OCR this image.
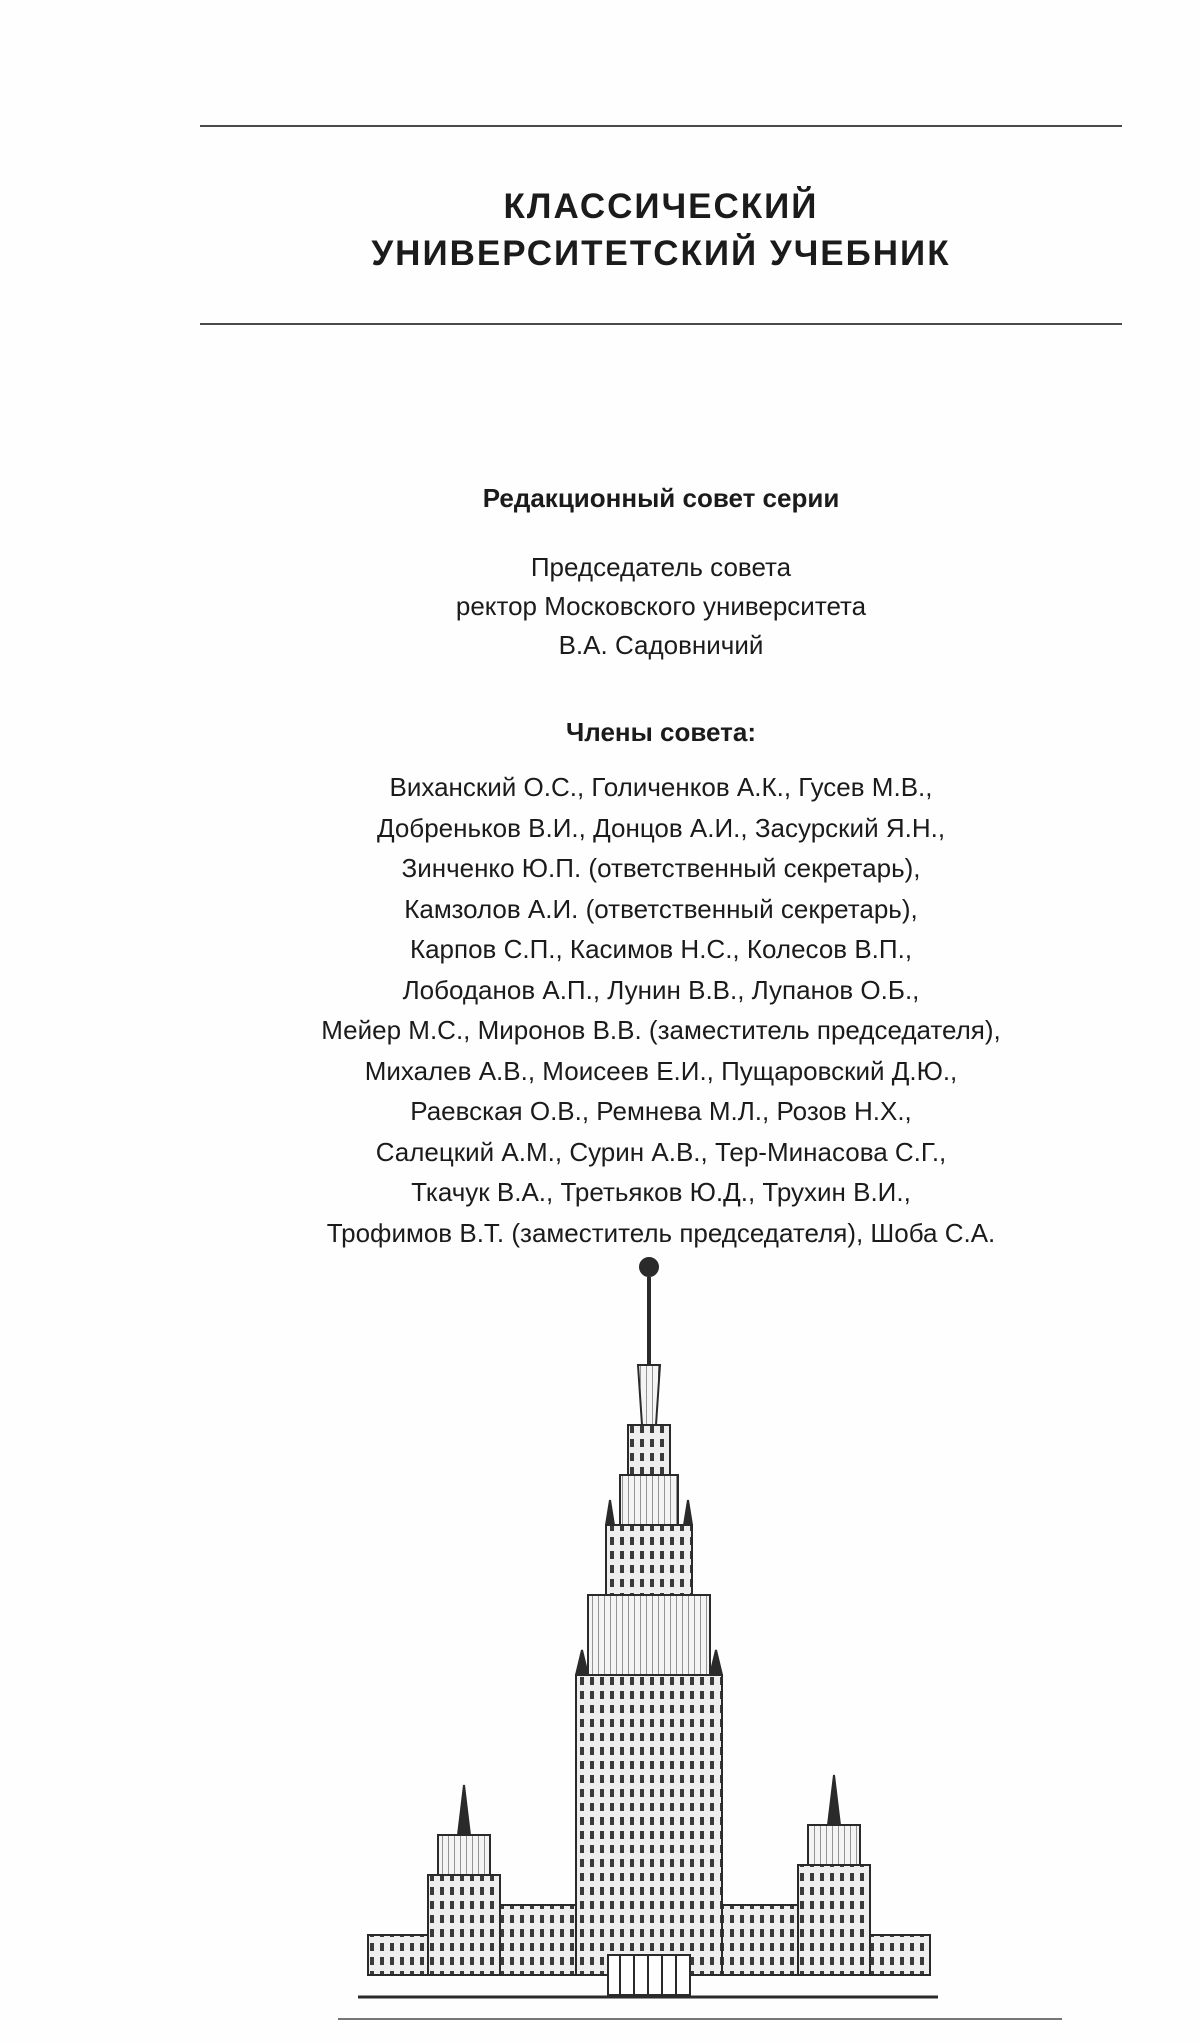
КЛАССИЧЕСКИЙ
УНИВЕРСИТЕТСКИЙ УЧЕБНИК
Редакционный совет серии
Председатель совета
ректор Московского университета
В.А. Садовничий
Члены совета:
Виханский О.С., Голиченков А.К., Гусев М.В.,
Добреньков В.И., Донцов А.И., Засурский Я.Н.,
Зинченко Ю.П. (ответственный секретарь),
Камзолов А.И. (ответственный секретарь),
Карпов С.П., Касимов Н.С., Колесов В.П.,
Лободанов А.П., Лунин В.В., Лупанов О.Б.,
Мейер М.С., Миронов В.В. (заместитель председателя),
Михалев А.В., Моисеев Е.И., Пущаровский Д.Ю.,
Раевская О.В., Ремнева М.Л., Розов Н.Х.,
Салецкий А.М., Сурин А.В., Тер-Минасова С.Г.,
Ткачук В.А., Третьяков Ю.Д., Трухин В.И.,
Трофимов В.Т. (заместитель председателя), Шоба С.А.
